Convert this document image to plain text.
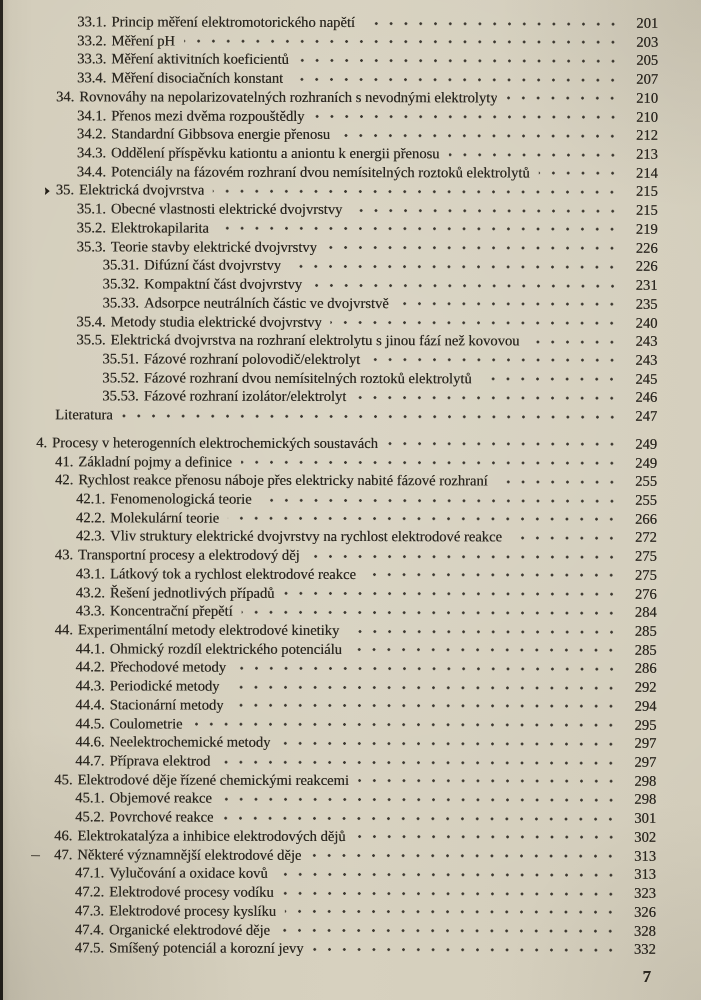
33.1. Princip měření elektromotorického napětí	201
33.2. Měření pH	203
33.3. Měření aktivitních koeficientů	205
33.4. Měření disociačních konstant	207
34. Rovnováhy na nepolarizovatelných rozhraních s nevodnými elektrolyty	210
34.1. Přenos mezi dvěma rozpouštědly	210
34.2. Standardní Gibbsova energie přenosu	212
34.3. Oddělení příspěvku kationtu a aniontu k energii přenosu	213
34.4. Potenciály na fázovém rozhraní dvou nemísitelných roztoků elektrolytů	214
35. Elektrická dvojvrstva	215
35.1. Obecné vlastnosti elektrické dvojvrstvy	215
35.2. Elektrokapilarita	219
35.3. Teorie stavby elektrické dvojvrstvy	226
35.31. Difúzní část dvojvrstvy	226
35.32. Kompaktní část dvojvrstvy	231
35.33. Adsorpce neutrálních částic ve dvojvrstvě	235
35.4. Metody studia elektrické dvojvrstvy	240
35.5. Elektrická dvojvrstva na rozhraní elektrolytu s jinou fází než kovovou	243
35.51. Fázové rozhraní polovodič/elektrolyt	243
35.52. Fázové rozhraní dvou nemísitelných roztoků elektrolytů	245
35.53. Fázové rozhraní izolátor/elektrolyt	246
Literatura	247
4. Procesy v heterogenních elektrochemických soustavách	249
41. Základní pojmy a definice	249
42. Rychlost reakce přenosu náboje přes elektricky nabité fázové rozhraní	255
42.1. Fenomenologická teorie	255
42.2. Molekulární teorie	266
42.3. Vliv struktury elektrické dvojvrstvy na rychlost elektrodové reakce	272
43. Transportní procesy a elektrodový děj	275
43.1. Látkový tok a rychlost elektrodové reakce	275
43.2. Řešení jednotlivých případů	276
43.3. Koncentrační přepětí	284
44. Experimentální metody elektrodové kinetiky	285
44.1. Ohmický rozdíl elektrického potenciálu	285
44.2. Přechodové metody	286
44.3. Periodické metody	292
44.4. Stacionární metody	294
44.5. Coulometrie	295
44.6. Neelektrochemické metody	297
44.7. Příprava elektrod	297
45. Elektrodové děje řízené chemickými reakcemi	298
45.1. Objemové reakce	298
45.2. Povrchové reakce	301
46. Elektrokatalýza a inhibice elektrodových dějů	302
47. Některé významnější elektrodové děje	313
47.1. Vylučování a oxidace kovů	313
47.2. Elektrodové procesy vodíku	323
47.3. Elektrodové procesy kyslíku	326
47.4. Organické elektrodové děje	328
47.5. Smíšený potenciál a korozní jevy	332
7
